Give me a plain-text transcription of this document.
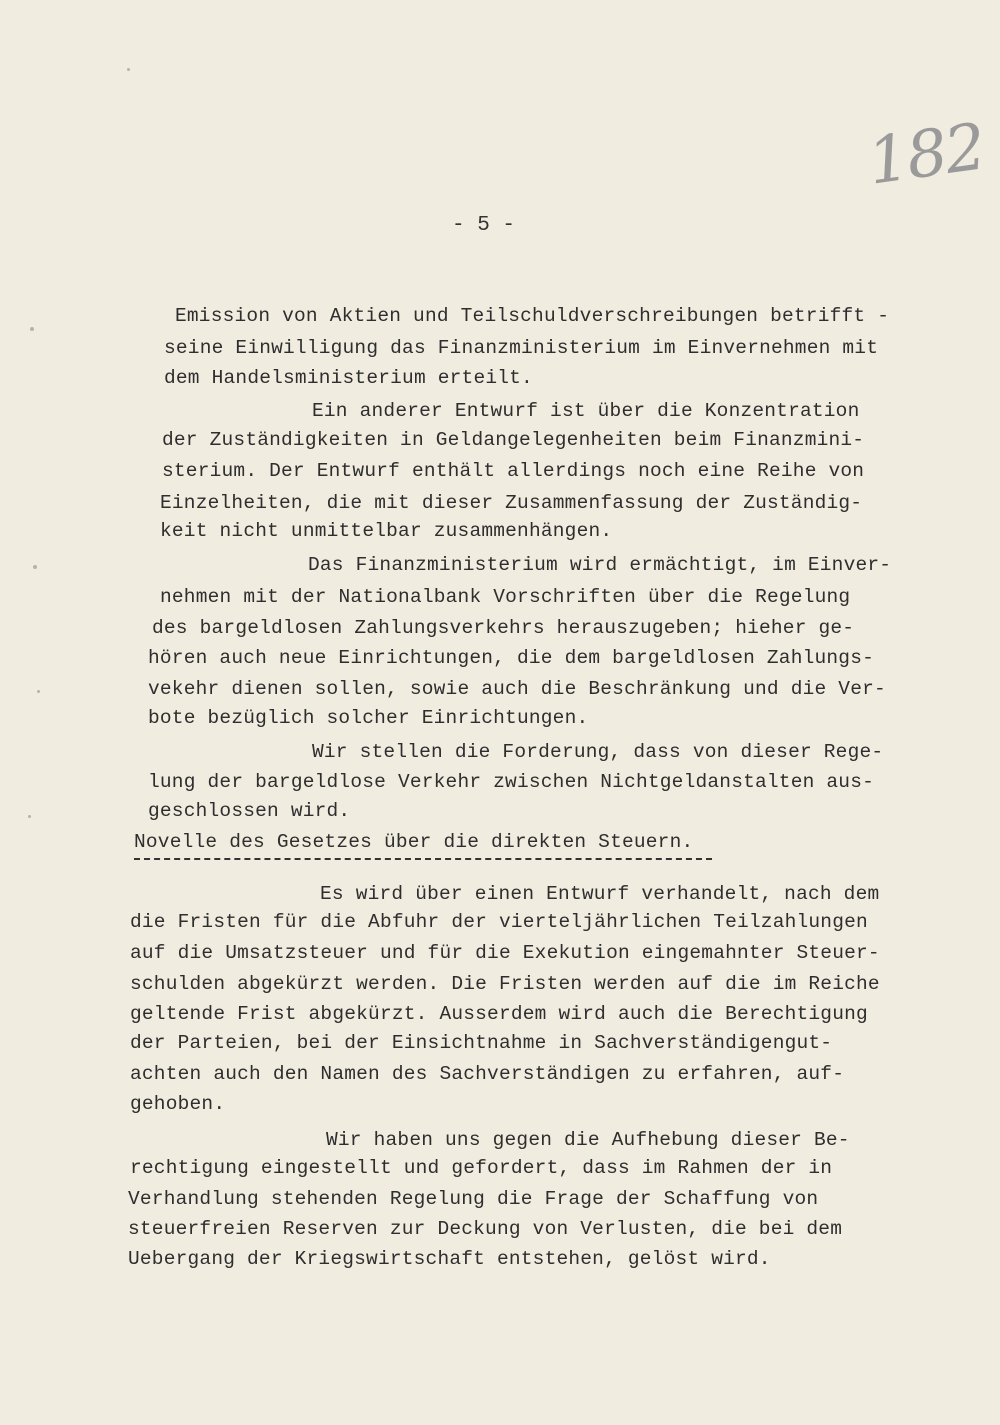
182
- 5 -
Emission von Aktien und Teilschuldverschreibungen betrifft -
seine Einwilligung das Finanzministerium im Einvernehmen mit
dem Handelsministerium erteilt.
Ein anderer Entwurf ist über die Konzentration
der Zuständigkeiten in Geldangelegenheiten beim Finanzmini-
sterium. Der Entwurf enthält allerdings noch eine Reihe von
Einzelheiten, die mit dieser Zusammenfassung der Zuständig-
keit nicht unmittelbar zusammenhängen.
Das Finanzministerium wird ermächtigt, im Einver-
nehmen mit der Nationalbank Vorschriften über die Regelung
des bargeldlosen Zahlungsverkehrs herauszugeben; hieher ge-
hören auch neue Einrichtungen, die dem bargeldlosen Zahlungs-
vekehr dienen sollen, sowie auch die Beschränkung und die Ver-
bote bezüglich solcher Einrichtungen.
Wir stellen die Forderung, dass von dieser Rege-
lung der bargeldlose Verkehr zwischen Nichtgeldanstalten aus-
geschlossen wird.
Novelle des Gesetzes über die direkten Steuern.
Es wird über einen Entwurf verhandelt, nach dem
die Fristen für die Abfuhr der vierteljährlichen Teilzahlungen
auf die Umsatzsteuer und für die Exekution eingemahnter Steuer-
schulden abgekürzt werden. Die Fristen werden auf die im Reiche
geltende Frist abgekürzt. Ausserdem wird auch die Berechtigung
der Parteien, bei der Einsichtnahme in Sachverständigengut-
achten auch den Namen des Sachverständigen zu erfahren, auf-
gehoben.
Wir haben uns gegen die Aufhebung dieser Be-
rechtigung eingestellt und gefordert, dass im Rahmen der in
Verhandlung stehenden Regelung die Frage der Schaffung von
steuerfreien Reserven zur Deckung von Verlusten, die bei dem
Uebergang der Kriegswirtschaft entstehen, gelöst wird.
